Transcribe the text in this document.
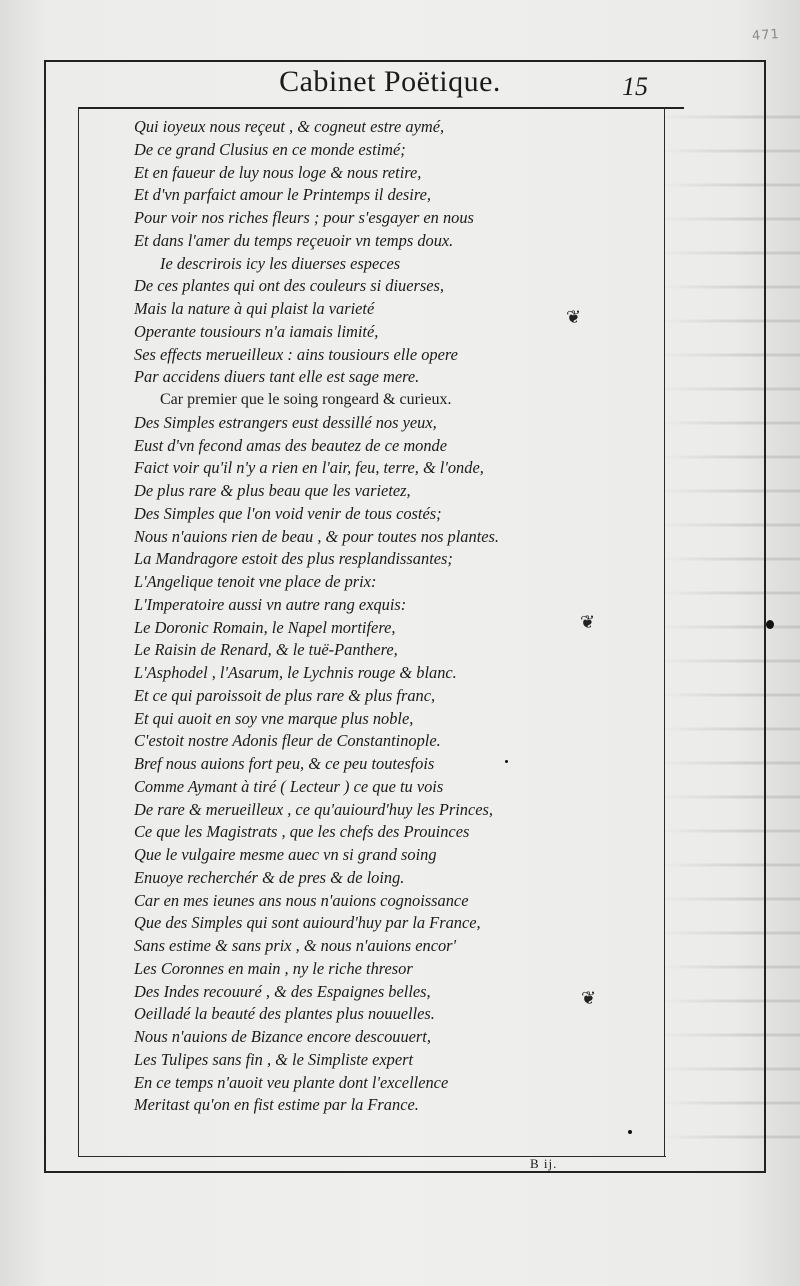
471
Cabinet Poëtique.	15
Qui ioyeux nous reçeut , & cogneut estre aymé,
De ce grand Clusius en ce monde estimé;
Et en faueur de luy nous loge & nous retire,
Et d'vn parfaict amour le Printemps il desire,
Pour voir nos riches fleurs ; pour s'esgayer en nous
Et dans l'amer du temps reçeuoir vn temps doux.
Ie descrirois icy les diuerses especes
De ces plantes qui ont des couleurs si diuerses,
Mais la nature à qui plaist la varieté
Operante tousiours n'a iamais limité,
Ses effects merueilleux : ains tousiours elle opere
Par accidens diuers tant elle est sage mere.
Car premier que le soing rongeard & curieux.
Des Simples estrangers eust dessillé nos yeux,
Eust d'vn fecond amas des beautez de ce monde
Faict voir qu'il n'y a rien en l'air, feu, terre, & l'onde,
De plus rare & plus beau que les varietez,
Des Simples que l'on void venir de tous costés;
Nous n'auions rien de beau , & pour toutes nos plantes.
La Mandragore estoit des plus resplandissantes;
L'Angelique tenoit vne place de prix:
L'Imperatoire aussi vn autre rang exquis:
Le Doronic Romain, le Napel mortifere,
Le Raisin de Renard, & le tuë-Panthere,
L'Asphodel , l'Asarum, le Lychnis rouge & blanc.
Et ce qui paroissoit de plus rare & plus franc,
Et qui auoit en soy vne marque plus noble,
C'estoit nostre Adonis fleur de Constantinople.
Bref nous auions fort peu, & ce peu toutesfois
Comme Aymant à tiré ( Lecteur ) ce que tu vois
De rare & merueilleux , ce qu'auiourd'huy les Princes,
Ce que les Magistrats , que les chefs des Prouinces
Que le vulgaire mesme auec vn si grand soing
Enuoye recherchér & de pres & de loing.
Car en mes ieunes ans nous n'auions cognoissance
Que des Simples qui sont auiourd'huy par la France,
Sans estime & sans prix , & nous n'auions encor'
Les Coronnes en main , ny le riche thresor
Des Indes recouuré , & des Espaignes belles,
Oeilladé la beauté des plantes plus nouuelles.
Nous n'auions de Bizance encore descouuert,
Les Tulipes sans fin , & le Simpliste expert
En ce temps n'auoit veu plante dont l'excellence
Meritast qu'on en fist estime par la France.
❦
❦
❦
B ij.
